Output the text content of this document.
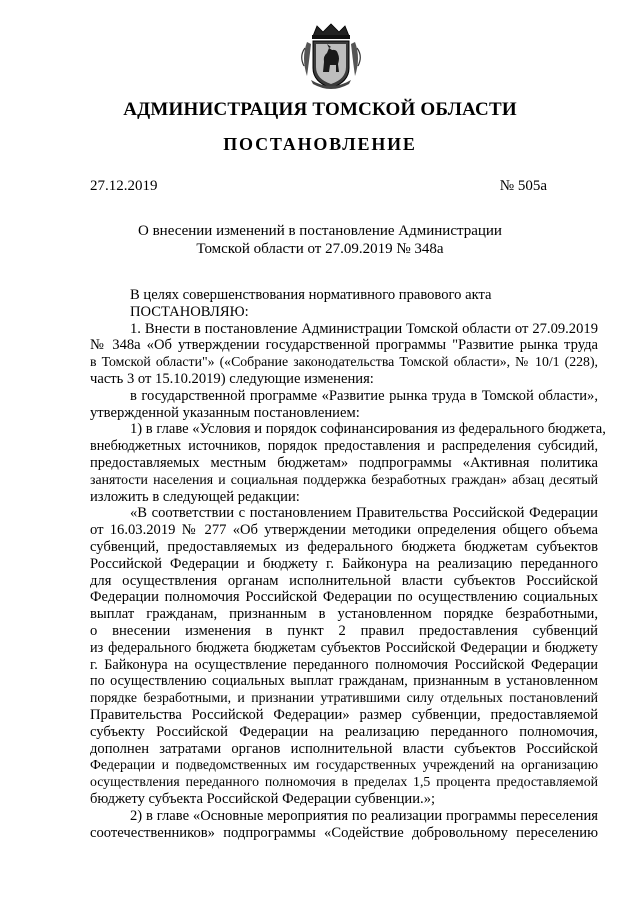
АДМИНИСТРАЦИЯ ТОМСКОЙ ОБЛАСТИ
ПОСТАНОВЛЕНИЕ
27.12.2019	№ 505а
О внесении изменений в постановление Администрации
Томской области от 27.09.2019 № 348а
В целях совершенствования нормативного правового акта
ПОСТАНОВЛЯЮ:
1. Внести в постановление Администрации Томской области от 27.09.2019
№ 348а «Об утверждении государственной программы "Развитие рынка труда
в Томской области"» («Собрание законодательства Томской области», № 10/1 (228),
часть 3 от 15.10.2019) следующие изменения:
в государственной программе «Развитие рынка труда в Томской области»,
утвержденной указанным постановлением:
1) в главе «Условия и порядок софинансирования из федерального бюджета,
внебюджетных источников, порядок предоставления и распределения субсидий,
предоставляемых местным бюджетам» подпрограммы «Активная политика
занятости населения и социальная поддержка безработных граждан» абзац десятый
изложить в следующей редакции:
«В соответствии с постановлением Правительства Российской Федерации
от 16.03.2019 № 277 «Об утверждении методики определения общего объема
субвенций, предоставляемых из федерального бюджета бюджетам субъектов
Российской Федерации и бюджету г. Байконура на реализацию переданного
для осуществления органам исполнительной власти субъектов Российской
Федерации полномочия Российской Федерации по осуществлению социальных
выплат гражданам, признанным в установленном порядке безработными,
о внесении изменения в пункт 2 правил предоставления субвенций
из федерального бюджета бюджетам субъектов Российской Федерации и бюджету
г. Байконура на осуществление переданного полномочия Российской Федерации
по осуществлению социальных выплат гражданам, признанным в установленном
порядке безработными, и признании утратившими силу отдельных постановлений
Правительства Российской Федерации» размер субвенции, предоставляемой
субъекту Российской Федерации на реализацию переданного полномочия,
дополнен затратами органов исполнительной власти субъектов Российской
Федерации и подведомственных им государственных учреждений на организацию
осуществления переданного полномочия в пределах 1,5 процента предоставляемой
бюджету субъекта Российской Федерации субвенции.»;
2) в главе «Основные мероприятия по реализации программы переселения
соотечественников» подпрограммы «Содействие добровольному переселению
